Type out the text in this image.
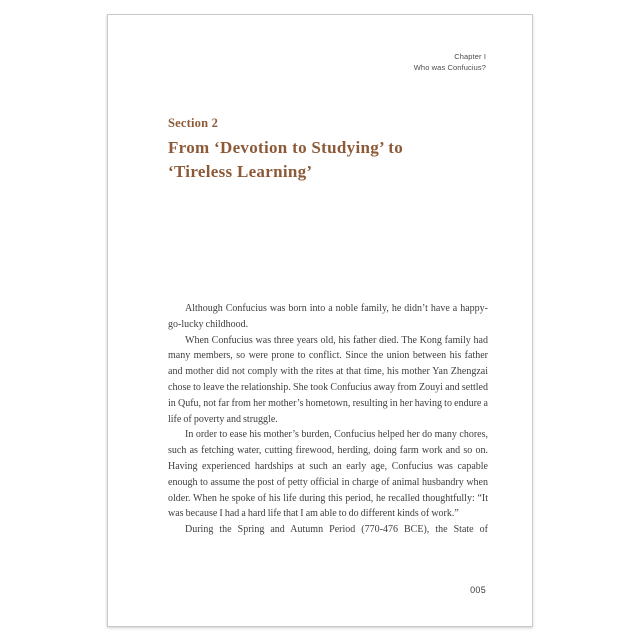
Chapter I
Who was Confucius?
Section 2
From ‘Devotion to Studying’ to
‘Tireless Learning’

Although Confucius was born into a noble family, he didn’t have a happy-go-lucky childhood.

When Confucius was three years old, his father died. The Kong family had many members, so were prone to conflict. Since the union between his father and mother did not comply with the rites at that time, his mother Yan Zhengzai chose to leave the relationship. She took Confucius away from Zouyi and settled in Qufu, not far from her mother’s hometown, resulting in her having to endure a life of poverty and struggle.

In order to ease his mother’s burden, Confucius helped her do many chores, such as fetching water, cutting firewood, herding, doing farm work and so on. Having experienced hardships at such an early age, Confucius was capable enough to assume the post of petty official in charge of animal husbandry when older. When he spoke of his life during this period, he recalled thoughtfully: “It was because I had a hard life that I am able to do different kinds of work.”

During the Spring and Autumn Period (770-476 BCE), the State of

005
